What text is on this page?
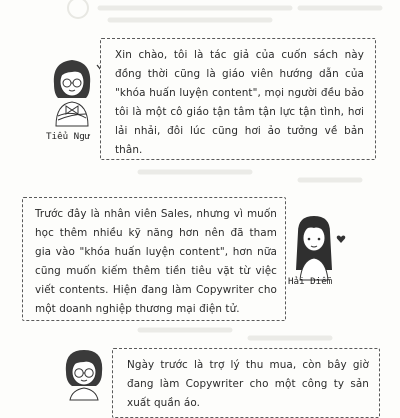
Tiểu Ngư

Xin chào, tôi là tác giả của cuốn sách này đồng thời cũng là giáo viên hướng dẫn của "khóa huấn luyện content", mọi người đều bảo tôi là một cô giáo tận tâm tận lực tận tình, hơi lải nhải, đôi lúc cũng hơi ảo tưởng về bản thân.

Trước đây là nhân viên Sales, nhưng vì muốn học thêm nhiều kỹ năng hơn nên đã tham gia vào "khóa huấn luyện content", hơn nữa cũng muốn kiếm thêm tiền tiêu vặt từ việc viết contents. Hiện đang làm Copywriter cho một doanh nghiệp thương mại điện tử.

Hải Diễm

Ngày trước là trợ lý thu mua, còn bây giờ đang làm Copywriter cho một công ty sản xuất quần áo.
